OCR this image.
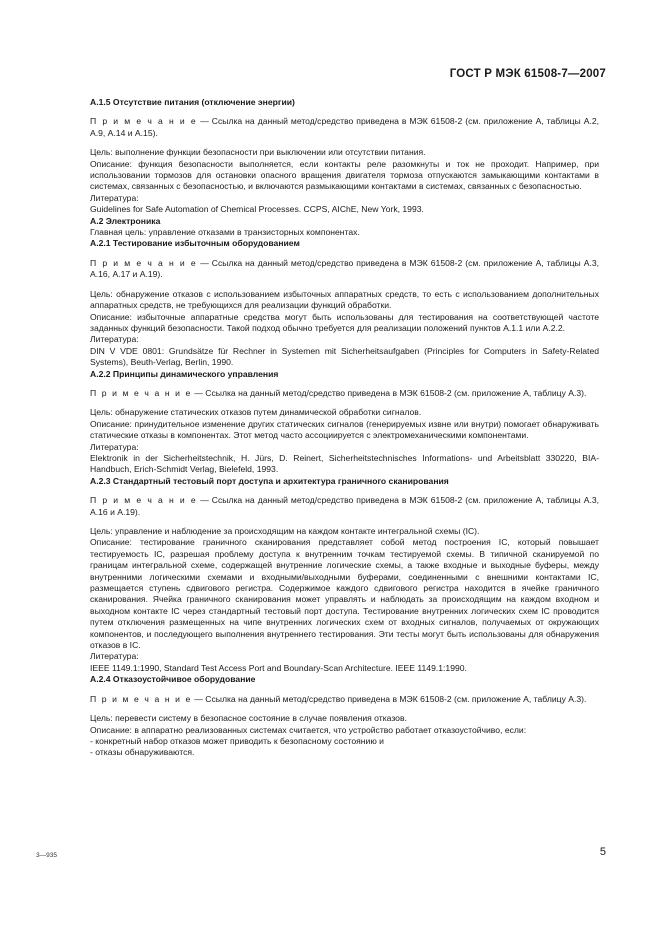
ГОСТ Р МЭК 61508-7—2007

А.1.5 Отсутствие питания (отключение энергии)

П р и м е ч а н и е — Ссылка на данный метод/средство приведена в МЭК 61508-2 (см. приложение А, таблицы А.2, А.9, А.14 и А.15).

Цель: выполнение функции безопасности при выключении или отсутствии питания.

Описание: функция безопасности выполняется, если контакты реле разомкнуты и ток не проходит. Например, при использовании тормозов для остановки опасного вращения двигателя тормоза отпускаются замыкающими контактами в системах, связанных с безопасностью, и включаются размыкающими контактами в системах, связанных с безопасностью.

Литература:

Guidelines for Safe Automation of Chemical Processes. CCPS, AIChE, New York, 1993.

А.2 Электроника

Главная цель: управление отказами в транзисторных компонентах.

А.2.1 Тестирование избыточным оборудованием

П р и м е ч а н и е — Ссылка на данный метод/средство приведена в МЭК 61508-2 (см. приложение А, таблицы А.3, А.16, А.17 и А.19).

Цель: обнаружение отказов с использованием избыточных аппаратных средств, то есть с использованием дополнительных аппаратных средств, не требующихся для реализации функций обработки.

Описание: избыточные аппаратные средства могут быть использованы для тестирования на соответствующей частоте заданных функций безопасности. Такой подход обычно требуется для реализации положений пунктов А.1.1 или А.2.2.

Литература:

DIN V VDE 0801: Grundsätze für Rechner in Systemen mit Sicherheitsaufgaben (Principles for Computers in Safety-Related Systems), Beuth-Verlag, Berlin, 1990.

А.2.2 Принципы динамического управления

П р и м е ч а н и е — Ссылка на данный метод/средство приведена в МЭК 61508-2 (см. приложение А, таблицу А.3).

Цель: обнаружение статических отказов путем динамической обработки сигналов.

Описание: принудительное изменение других статических сигналов (генерируемых извне или внутри) помогает обнаруживать статические отказы в компонентах. Этот метод часто ассоциируется с электромеханическими компонентами.

Литература:

Elektronik in der Sicherheitstechnik, H. Jürs, D. Reinert, Sicherheitstechnisches Informations- und Arbeitsblatt 330220, BIA-Handbuch, Erich-Schmidt Verlag, Bielefeld, 1993.

А.2.3 Стандартный тестовый порт доступа и архитектура граничного сканирования

П р и м е ч а н и е — Ссылка на данный метод/средство приведена в МЭК 61508-2 (см. приложение А, таблицы А.3, А.16 и А.19).

Цель: управление и наблюдение за происходящим на каждом контакте интегральной схемы (IC).

Описание: тестирование граничного сканирования представляет собой метод построения IC, который повышает тестируемость IC, разрешая проблему доступа к внутренним точкам тестируемой схемы. В типичной сканируемой по границам интегральной схеме, содержащей внутренние логические схемы, а также входные и выходные буферы, между внутренними логическими схемами и входными/выходными буферами, соединенными с внешними контактами IC, размещается ступень сдвигового регистра. Содержимое каждого сдвигового регистра находится в ячейке граничного сканирования. Ячейка граничного сканирования может управлять и наблюдать за происходящим на каждом входном и выходном контакте IC через стандартный тестовый порт доступа. Тестирование внутренних логических схем IC проводится путем отключения размещенных на чипе внутренних логических схем от входных сигналов, получаемых от окружающих компонентов, и последующего выполнения внутреннего тестирования. Эти тесты могут быть использованы для обнаружения отказов в IC.

Литература:

IEEE 1149.1:1990, Standard Test Access Port and Boundary-Scan Architecture. IEEE 1149.1:1990.

А.2.4 Отказоустойчивое оборудование

П р и м е ч а н и е — Ссылка на данный метод/средство приведена в МЭК 61508-2 (см. приложение А, таблицу А.3).

Цель: перевести систему в безопасное состояние в случае появления отказов.

Описание: в аппаратно реализованных системах считается, что устройство работает отказоустойчиво, если:

- конкретный набор отказов может приводить к безопасному состоянию и

- отказы обнаруживаются.

3—935	5
